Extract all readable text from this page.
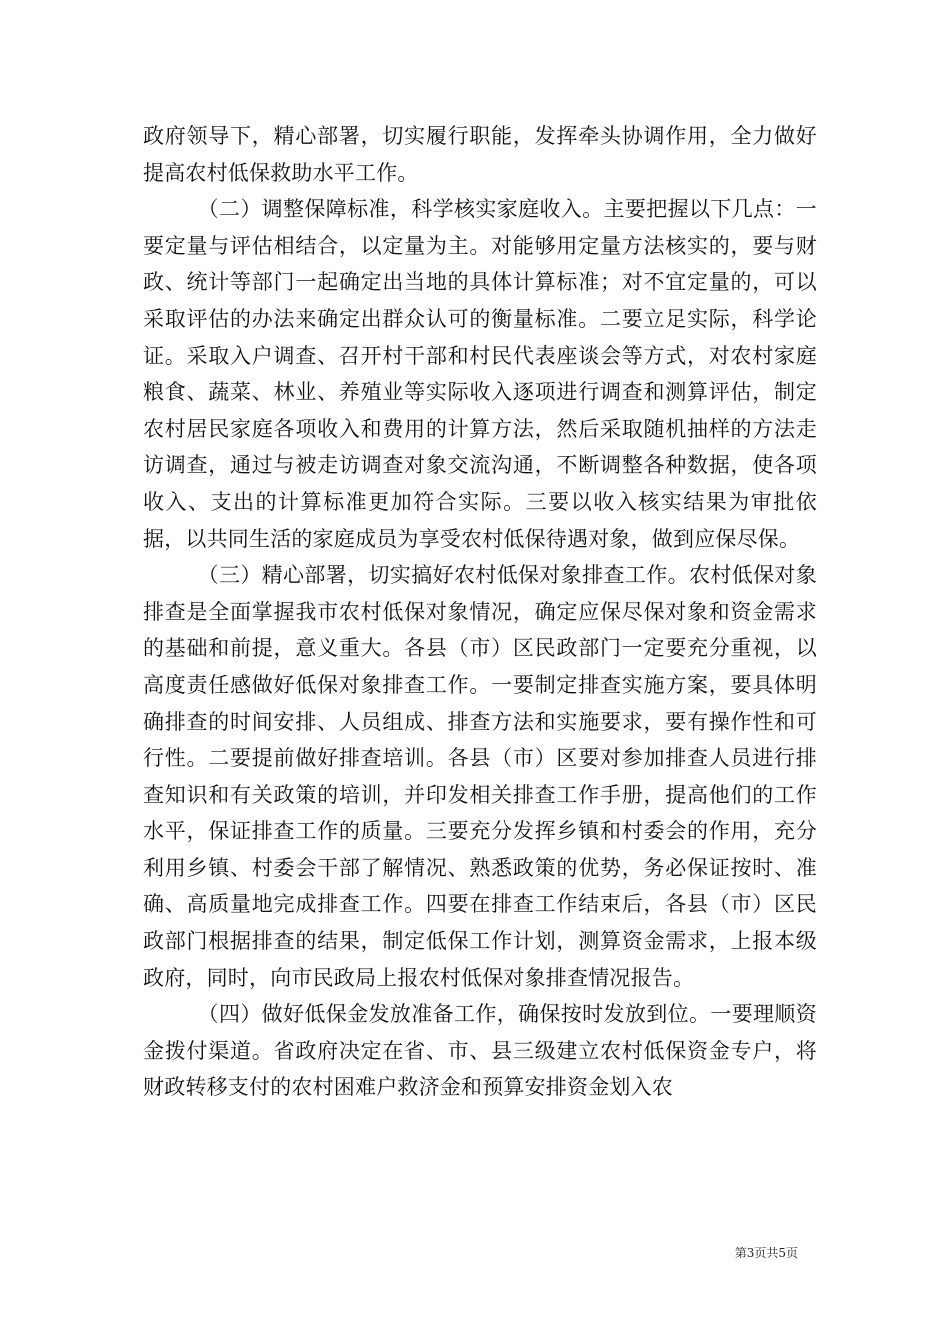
政府领导下，精心部署，切实履行职能，发挥牵头协调作用，全力做好提高农村低保救助水平工作。

（二）调整保障标准，科学核实家庭收入。主要把握以下几点：一要定量与评估相结合，以定量为主。对能够用定量方法核实的，要与财政、统计等部门一起确定出当地的具体计算标准；对不宜定量的，可以采取评估的办法来确定出群众认可的衡量标准。二要立足实际，科学论证。采取入户调查、召开村干部和村民代表座谈会等方式，对农村家庭粮食、蔬菜、林业、养殖业等实际收入逐项进行调查和测算评估，制定农村居民家庭各项收入和费用的计算方法，然后采取随机抽样的方法走访调查，通过与被走访调查对象交流沟通，不断调整各种数据，使各项收入、支出的计算标准更加符合实际。三要以收入核实结果为审批依据，以共同生活的家庭成员为享受农村低保待遇对象，做到应保尽保。

（三）精心部署，切实搞好农村低保对象排查工作。农村低保对象排查是全面掌握我市农村低保对象情况，确定应保尽保对象和资金需求的基础和前提，意义重大。各县（市）区民政部门一定要充分重视，以高度责任感做好低保对象排查工作。一要制定排查实施方案，要具体明确排查的时间安排、人员组成、排查方法和实施要求，要有操作性和可行性。二要提前做好排查培训。各县（市）区要对参加排查人员进行排查知识和有关政策的培训，并印发相关排查工作手册，提高他们的工作水平，保证排查工作的质量。三要充分发挥乡镇和村委会的作用，充分利用乡镇、村委会干部了解情况、熟悉政策的优势，务必保证按时、准确、高质量地完成排查工作。四要在排查工作结束后，各县（市）区民政部门根据排查的结果，制定低保工作计划，测算资金需求，上报本级政府，同时，向市民政局上报农村低保对象排查情况报告。

（四）做好低保金发放准备工作，确保按时发放到位。一要理顺资金拨付渠道。省政府决定在省、市、县三级建立农村低保资金专户，将财政转移支付的农村困难户救济金和预算安排资金划入农

第3页共5页
